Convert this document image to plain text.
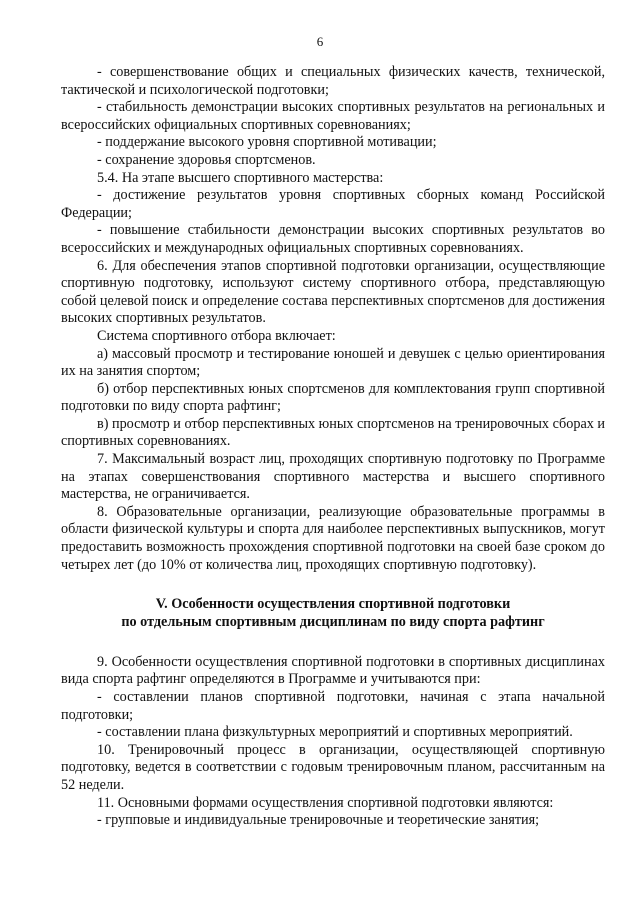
6

- совершенствование общих и специальных физических качеств, технической, тактической и психологической подготовки;

- стабильность демонстрации высоких спортивных результатов на региональных и всероссийских официальных спортивных соревнованиях;

- поддержание высокого уровня спортивной мотивации;

- сохранение здоровья спортсменов.

5.4. На этапе высшего спортивного мастерства:

- достижение результатов уровня спортивных сборных команд Российской Федерации;

- повышение стабильности демонстрации высоких спортивных результатов во всероссийских и международных официальных спортивных соревнованиях.

6. Для обеспечения этапов спортивной подготовки организации, осуществляющие спортивную подготовку, используют систему спортивного отбора, представляющую собой целевой поиск и определение состава перспективных спортсменов для достижения высоких спортивных результатов.

Система спортивного отбора включает:

а) массовый просмотр и тестирование юношей и девушек с целью ориентирования их на занятия спортом;

б) отбор перспективных юных спортсменов для комплектования групп спортивной подготовки по виду спорта рафтинг;

в) просмотр и отбор перспективных юных спортсменов на тренировочных сборах и спортивных соревнованиях.

7. Максимальный возраст лиц, проходящих спортивную подготовку по Программе на этапах совершенствования спортивного мастерства и высшего спортивного мастерства, не ограничивается.

8. Образовательные организации, реализующие образовательные программы в области физической культуры и спорта для наиболее перспективных выпускников, могут предоставить возможность прохождения спортивной подготовки на своей базе сроком до четырех лет (до 10% от количества лиц, проходящих спортивную подготовку).

V. Особенности осуществления спортивной подготовки
по отдельным спортивным дисциплинам по виду спорта рафтинг

9. Особенности осуществления спортивной подготовки в спортивных дисциплинах вида спорта рафтинг определяются в Программе и учитываются при:

- составлении планов спортивной подготовки, начиная с этапа начальной подготовки;

- составлении плана физкультурных мероприятий и спортивных мероприятий.

10. Тренировочный процесс в организации, осуществляющей спортивную подготовку, ведется в соответствии с годовым тренировочным планом, рассчитанным на 52 недели.

11. Основными формами осуществления спортивной подготовки являются:

- групповые и индивидуальные тренировочные и теоретические занятия;
